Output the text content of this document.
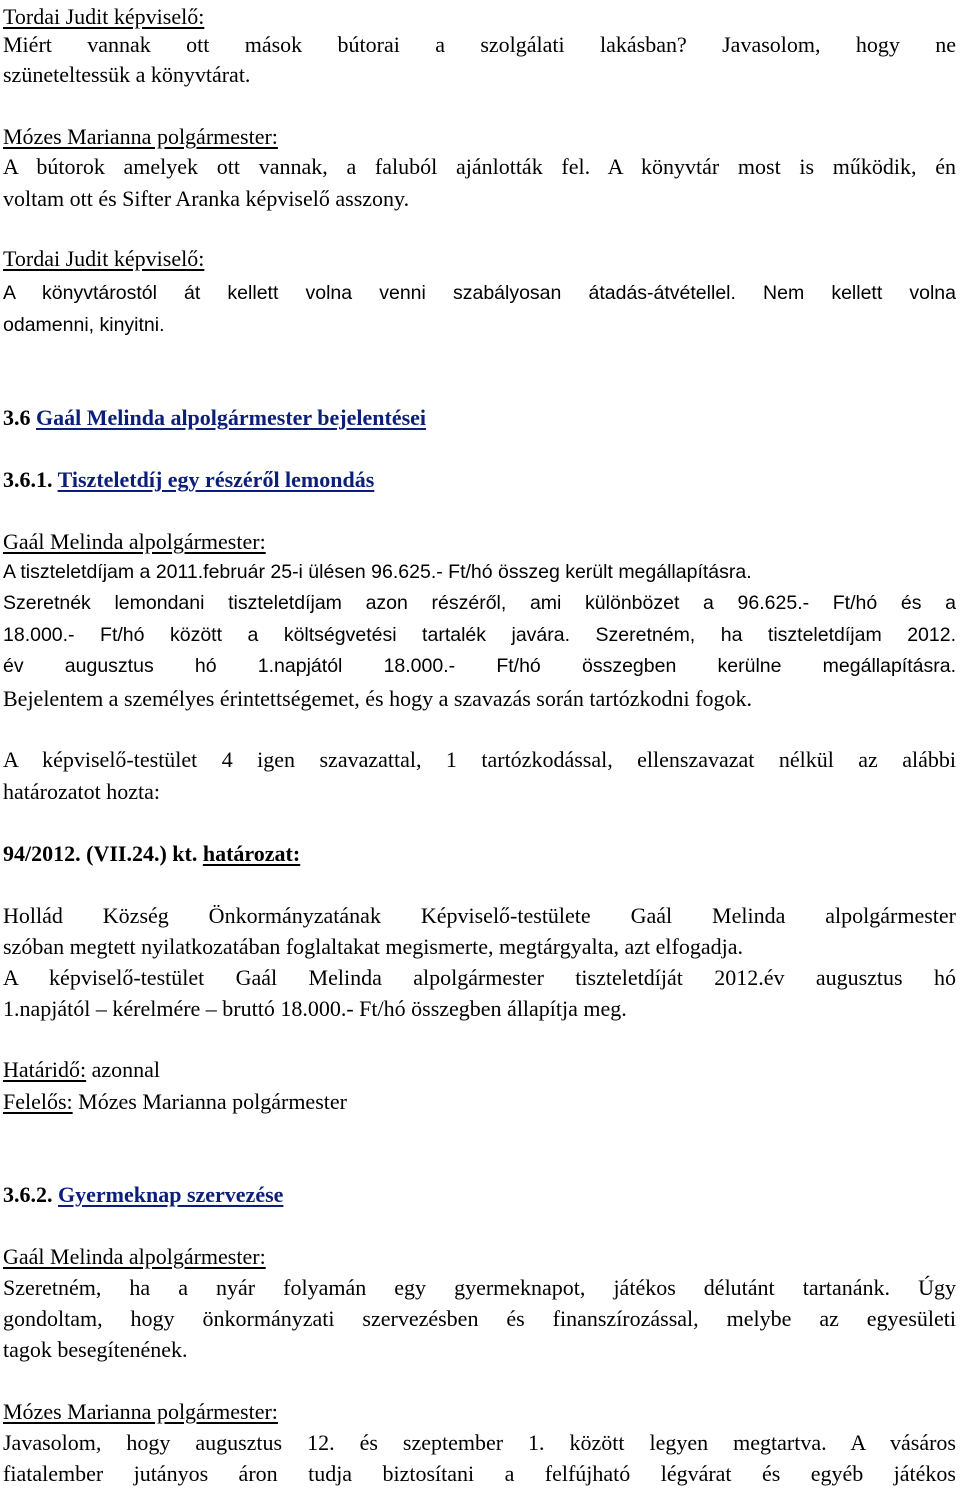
Tordai Judit képviselő:
Miért vannak ott mások bútorai a szolgálati lakásban? Javasolom, hogy ne
szüneteltessük a könyvtárat.
Mózes Marianna polgármester:
A bútorok amelyek ott vannak, a faluból ajánlották fel. A könyvtár most is működik, én
voltam ott és Sifter Aranka képviselő asszony.
Tordai Judit képviselő:
A könyvtárostól át kellett volna venni szabályosan átadás-átvétellel. Nem kellett volna
odamenni, kinyitni.
3.6 Gaál Melinda alpolgármester bejelentései
3.6.1. Tiszteletdíj egy részéről lemondás
Gaál Melinda alpolgármester:
A tiszteletdíjam a 2011.február 25-i ülésen 96.625.- Ft/hó összeg került megállapításra.
Szeretnék lemondani tiszteletdíjam azon részéről, ami különbözet a 96.625.- Ft/hó és a
18.000.- Ft/hó között a költségvetési tartalék javára. Szeretném, ha tiszteletdíjam 2012.
év augusztus hó 1.napjától 18.000.- Ft/hó összegben kerülne megállapításra.
Bejelentem a személyes érintettségemet, és hogy a szavazás során tartózkodni fogok.
A képviselő-testület 4 igen szavazattal, 1 tartózkodással, ellenszavazat nélkül az alábbi
határozatot hozta:
94/2012. (VII.24.) kt. határozat:
Hollád Község Önkormányzatának Képviselő-testülete Gaál Melinda alpolgármester
szóban megtett nyilatkozatában foglaltakat megismerte, megtárgyalta, azt elfogadja.
A képviselő-testület Gaál Melinda alpolgármester tiszteletdíját 2012.év augusztus hó
1.napjától – kérelmére – bruttó 18.000.- Ft/hó összegben állapítja meg.
Határidő: azonnal
Felelős: Mózes Marianna polgármester
3.6.2. Gyermeknap szervezése
Gaál Melinda alpolgármester:
Szeretném, ha a nyár folyamán egy gyermeknapot, játékos délutánt tartanánk. Úgy
gondoltam, hogy önkormányzati szervezésben és finanszírozással, melybe az egyesületi
tagok besegítenének.
Mózes Marianna polgármester:
Javasolom, hogy augusztus 12. és szeptember 1. között legyen megtartva. A vásáros
fiatalember jutányos áron tudja biztosítani a felfújható légvárat és egyéb játékos
